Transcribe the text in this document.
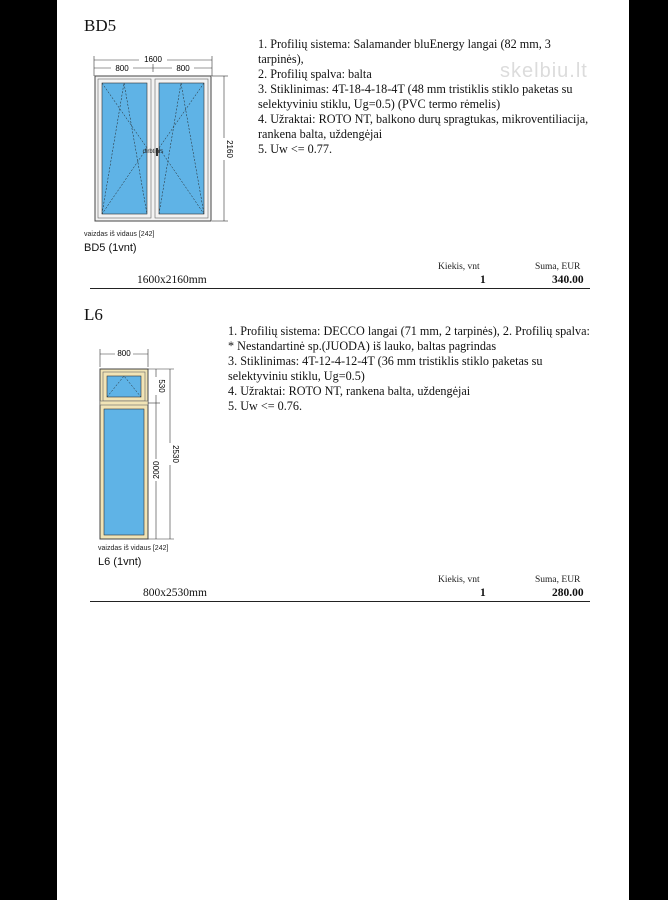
skelbiu.lt
BD5
1600
800	800
dirbtinis	2160
vaizdas iš vidaus [242]
BD5 (1vnt)
1. Profilių sistema: Salamander bluEnergy langai (82 mm, 3
tarpinės),
2. Profilių spalva: balta
3. Stiklinimas: 4T-18-4-18-4T (48 mm tristiklis stiklo paketas su
selektyviniu stiklu, Ug=0.5) (PVC termo rėmelis)
4. Užraktai: ROTO NT, balkono durų spragtukas, mikroventiliacija,
rankena balta, uždengėjai
5. Uw <= 0.77.
Kiekis, vnt	Suma, EUR
1600x2160mm	1	340.00
L6
800
530
2000
2530
vaizdas iš vidaus [242]
L6 (1vnt)
1. Profilių sistema: DECCO langai (71 mm, 2 tarpinės), 2. Profilių spalva:
* Nestandartinė sp.(JUODA) iš lauko, baltas pagrindas
3. Stiklinimas: 4T-12-4-12-4T (36 mm tristiklis stiklo paketas su
selektyviniu stiklu, Ug=0.5)
4. Užraktai: ROTO NT, rankena balta, uždengėjai
5. Uw <= 0.76.
Kiekis, vnt	Suma, EUR
800x2530mm	1	280.00
